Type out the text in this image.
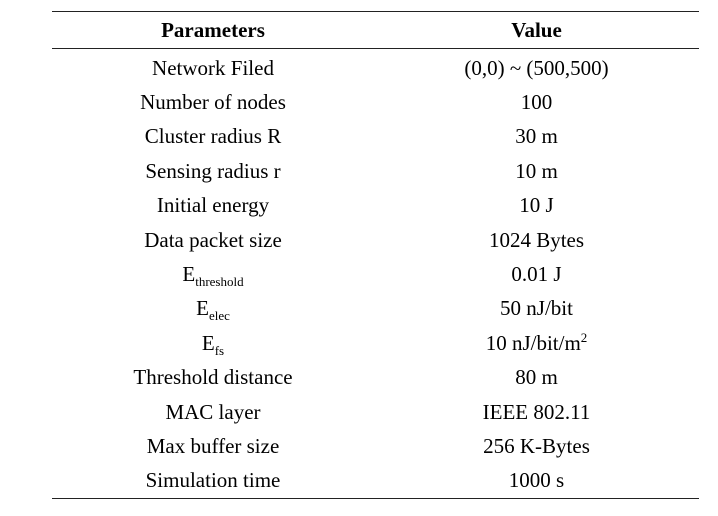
Parameters	Value
Network Filed	(0,0) ~ (500,500)
Number of nodes	100
Cluster radius R	30 m
Sensing radius r	10 m
Initial energy	10 J
Data packet size	1024 Bytes
$E_{threshold}$	0.01 J
$E_{elec}$	50 nJ/bit
$E_{fs}$	10 $nJ/bit/m^2$
Threshold distance	80 m
MAC layer	IEEE 802.11
Max buffer size	256 K-Bytes
Simulation time	1000 s
